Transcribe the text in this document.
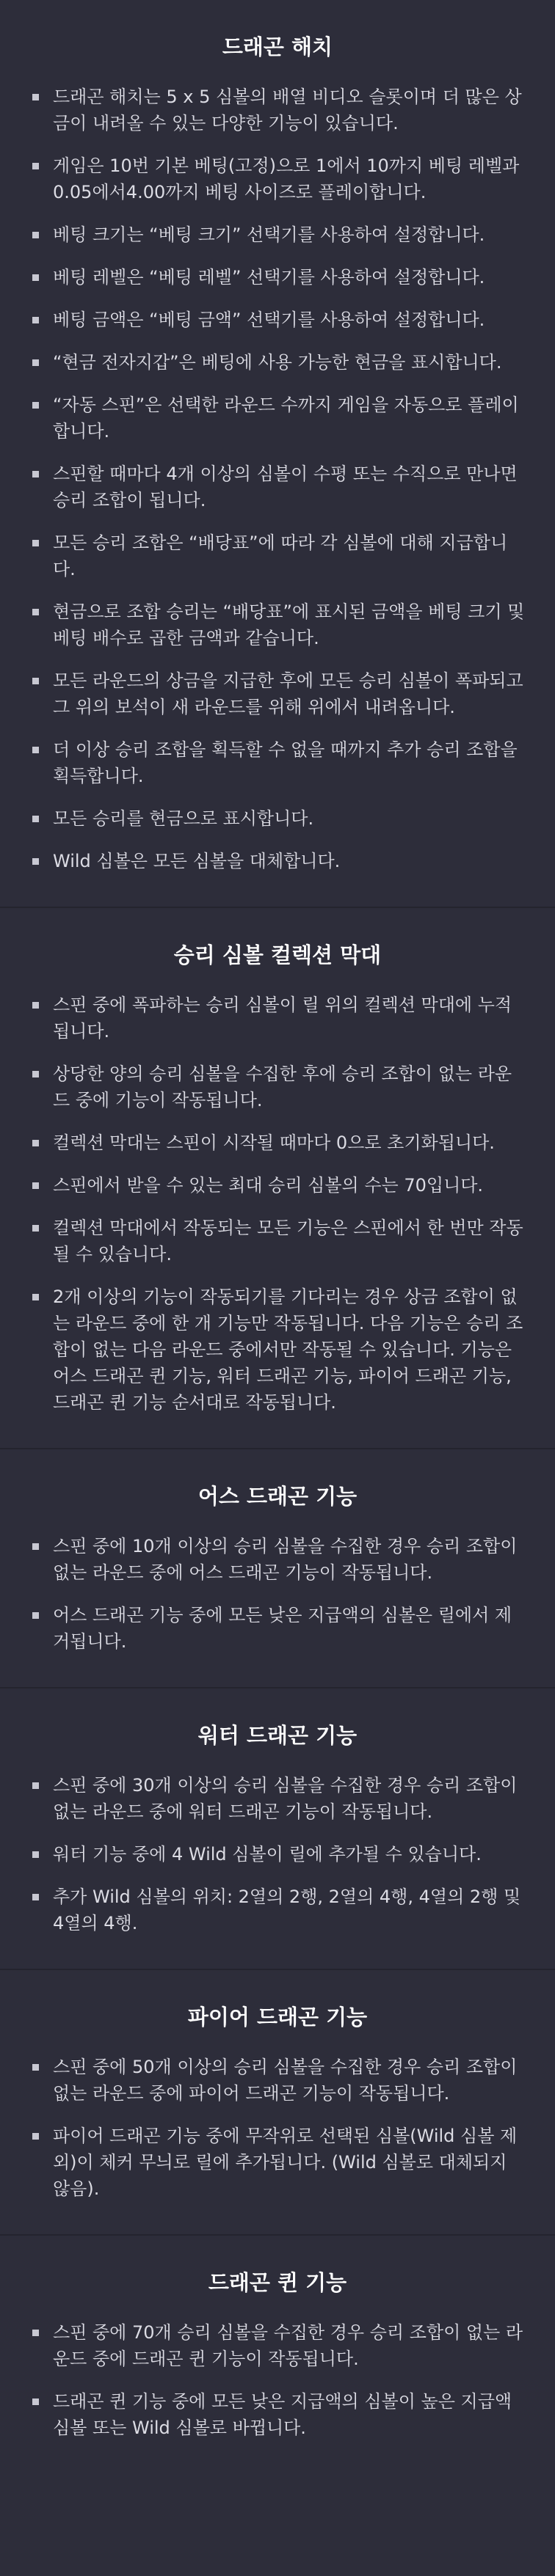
드래곤 해치
드래곤 해치는 5 x 5 심볼의 배열 비디오 슬롯이며 더 많은 상금이 내려올 수 있는 다양한 기능이 있습니다.
게임은 10번 기본 베팅(고정)으로 1에서 10까지 베팅 레벨과 0.05에서4.00까지 베팅 사이즈로 플레이합니다.
베팅 크기는 “베팅 크기” 선택기를 사용하여 설정합니다.
베팅 레벨은 “베팅 레벨” 선택기를 사용하여 설정합니다.
베팅 금액은 “베팅 금액” 선택기를 사용하여 설정합니다.
“현금 전자지갑”은 베팅에 사용 가능한 현금을 표시합니다.
“자동 스핀”은 선택한 라운드 수까지 게임을 자동으로 플레이합니다.
스핀할 때마다 4개 이상의 심볼이 수평 또는 수직으로 만나면 승리 조합이 됩니다.
모든 승리 조합은 “배당표”에 따라 각 심볼에 대해 지급합니다.
현금으로 조합 승리는 “배당표”에 표시된 금액을 베팅 크기 및 베팅 배수로 곱한 금액과 같습니다.
모든 라운드의 상금을 지급한 후에 모든 승리 심볼이 폭파되고 그 위의 보석이 새 라운드를 위해 위에서 내려옵니다.
더 이상 승리 조합을 획득할 수 없을 때까지 추가 승리 조합을 획득합니다.
모든 승리를 현금으로 표시합니다.
Wild 심볼은 모든 심볼을 대체합니다.
승리 심볼 컬렉션 막대
스핀 중에 폭파하는 승리 심볼이 릴 위의 컬렉션 막대에 누적됩니다.
상당한 양의 승리 심볼을 수집한 후에 승리 조합이 없는 라운드 중에 기능이 작동됩니다.
컬렉션 막대는 스핀이 시작될 때마다 0으로 초기화됩니다.
스핀에서 받을 수 있는 최대 승리 심볼의 수는 70입니다.
컬렉션 막대에서 작동되는 모든 기능은 스핀에서 한 번만 작동될 수 있습니다.
2개 이상의 기능이 작동되기를 기다리는 경우 상금 조합이 없는 라운드 중에 한 개 기능만 작동됩니다. 다음 기능은 승리 조합이 없는 다음 라운드 중에서만 작동될 수 있습니다. 기능은 어스 드래곤 퀸 기능, 워터 드래곤 기능, 파이어 드래곤 기능, 드래곤 퀸 기능 순서대로 작동됩니다.
어스 드래곤 기능
스핀 중에 10개 이상의 승리 심볼을 수집한 경우 승리 조합이 없는 라운드 중에 어스 드래곤 기능이 작동됩니다.
어스 드래곤 기능 중에 모든 낮은 지급액의 심볼은 릴에서 제거됩니다.
워터 드래곤 기능
스핀 중에 30개 이상의 승리 심볼을 수집한 경우 승리 조합이 없는 라운드 중에 워터 드래곤 기능이 작동됩니다.
워터 기능 중에 4 Wild 심볼이 릴에 추가될 수 있습니다.
추가 Wild 심볼의 위치: 2열의 2행, 2열의 4행, 4열의 2행 및 4열의 4행.
파이어 드래곤 기능
스핀 중에 50개 이상의 승리 심볼을 수집한 경우 승리 조합이 없는 라운드 중에 파이어 드래곤 기능이 작동됩니다.
파이어 드래곤 기능 중에 무작위로 선택된 심볼(Wild 심볼 제외)이 체커 무늬로 릴에 추가됩니다. (Wild 심볼로 대체되지 않음).
드래곤 퀸 기능
스핀 중에 70개 승리 심볼을 수집한 경우 승리 조합이 없는 라운드 중에 드래곤 퀸 기능이 작동됩니다.
드래곤 퀸 기능 중에 모든 낮은 지급액의 심볼이 높은 지급액 심볼 또는 Wild 심볼로 바뀝니다.
